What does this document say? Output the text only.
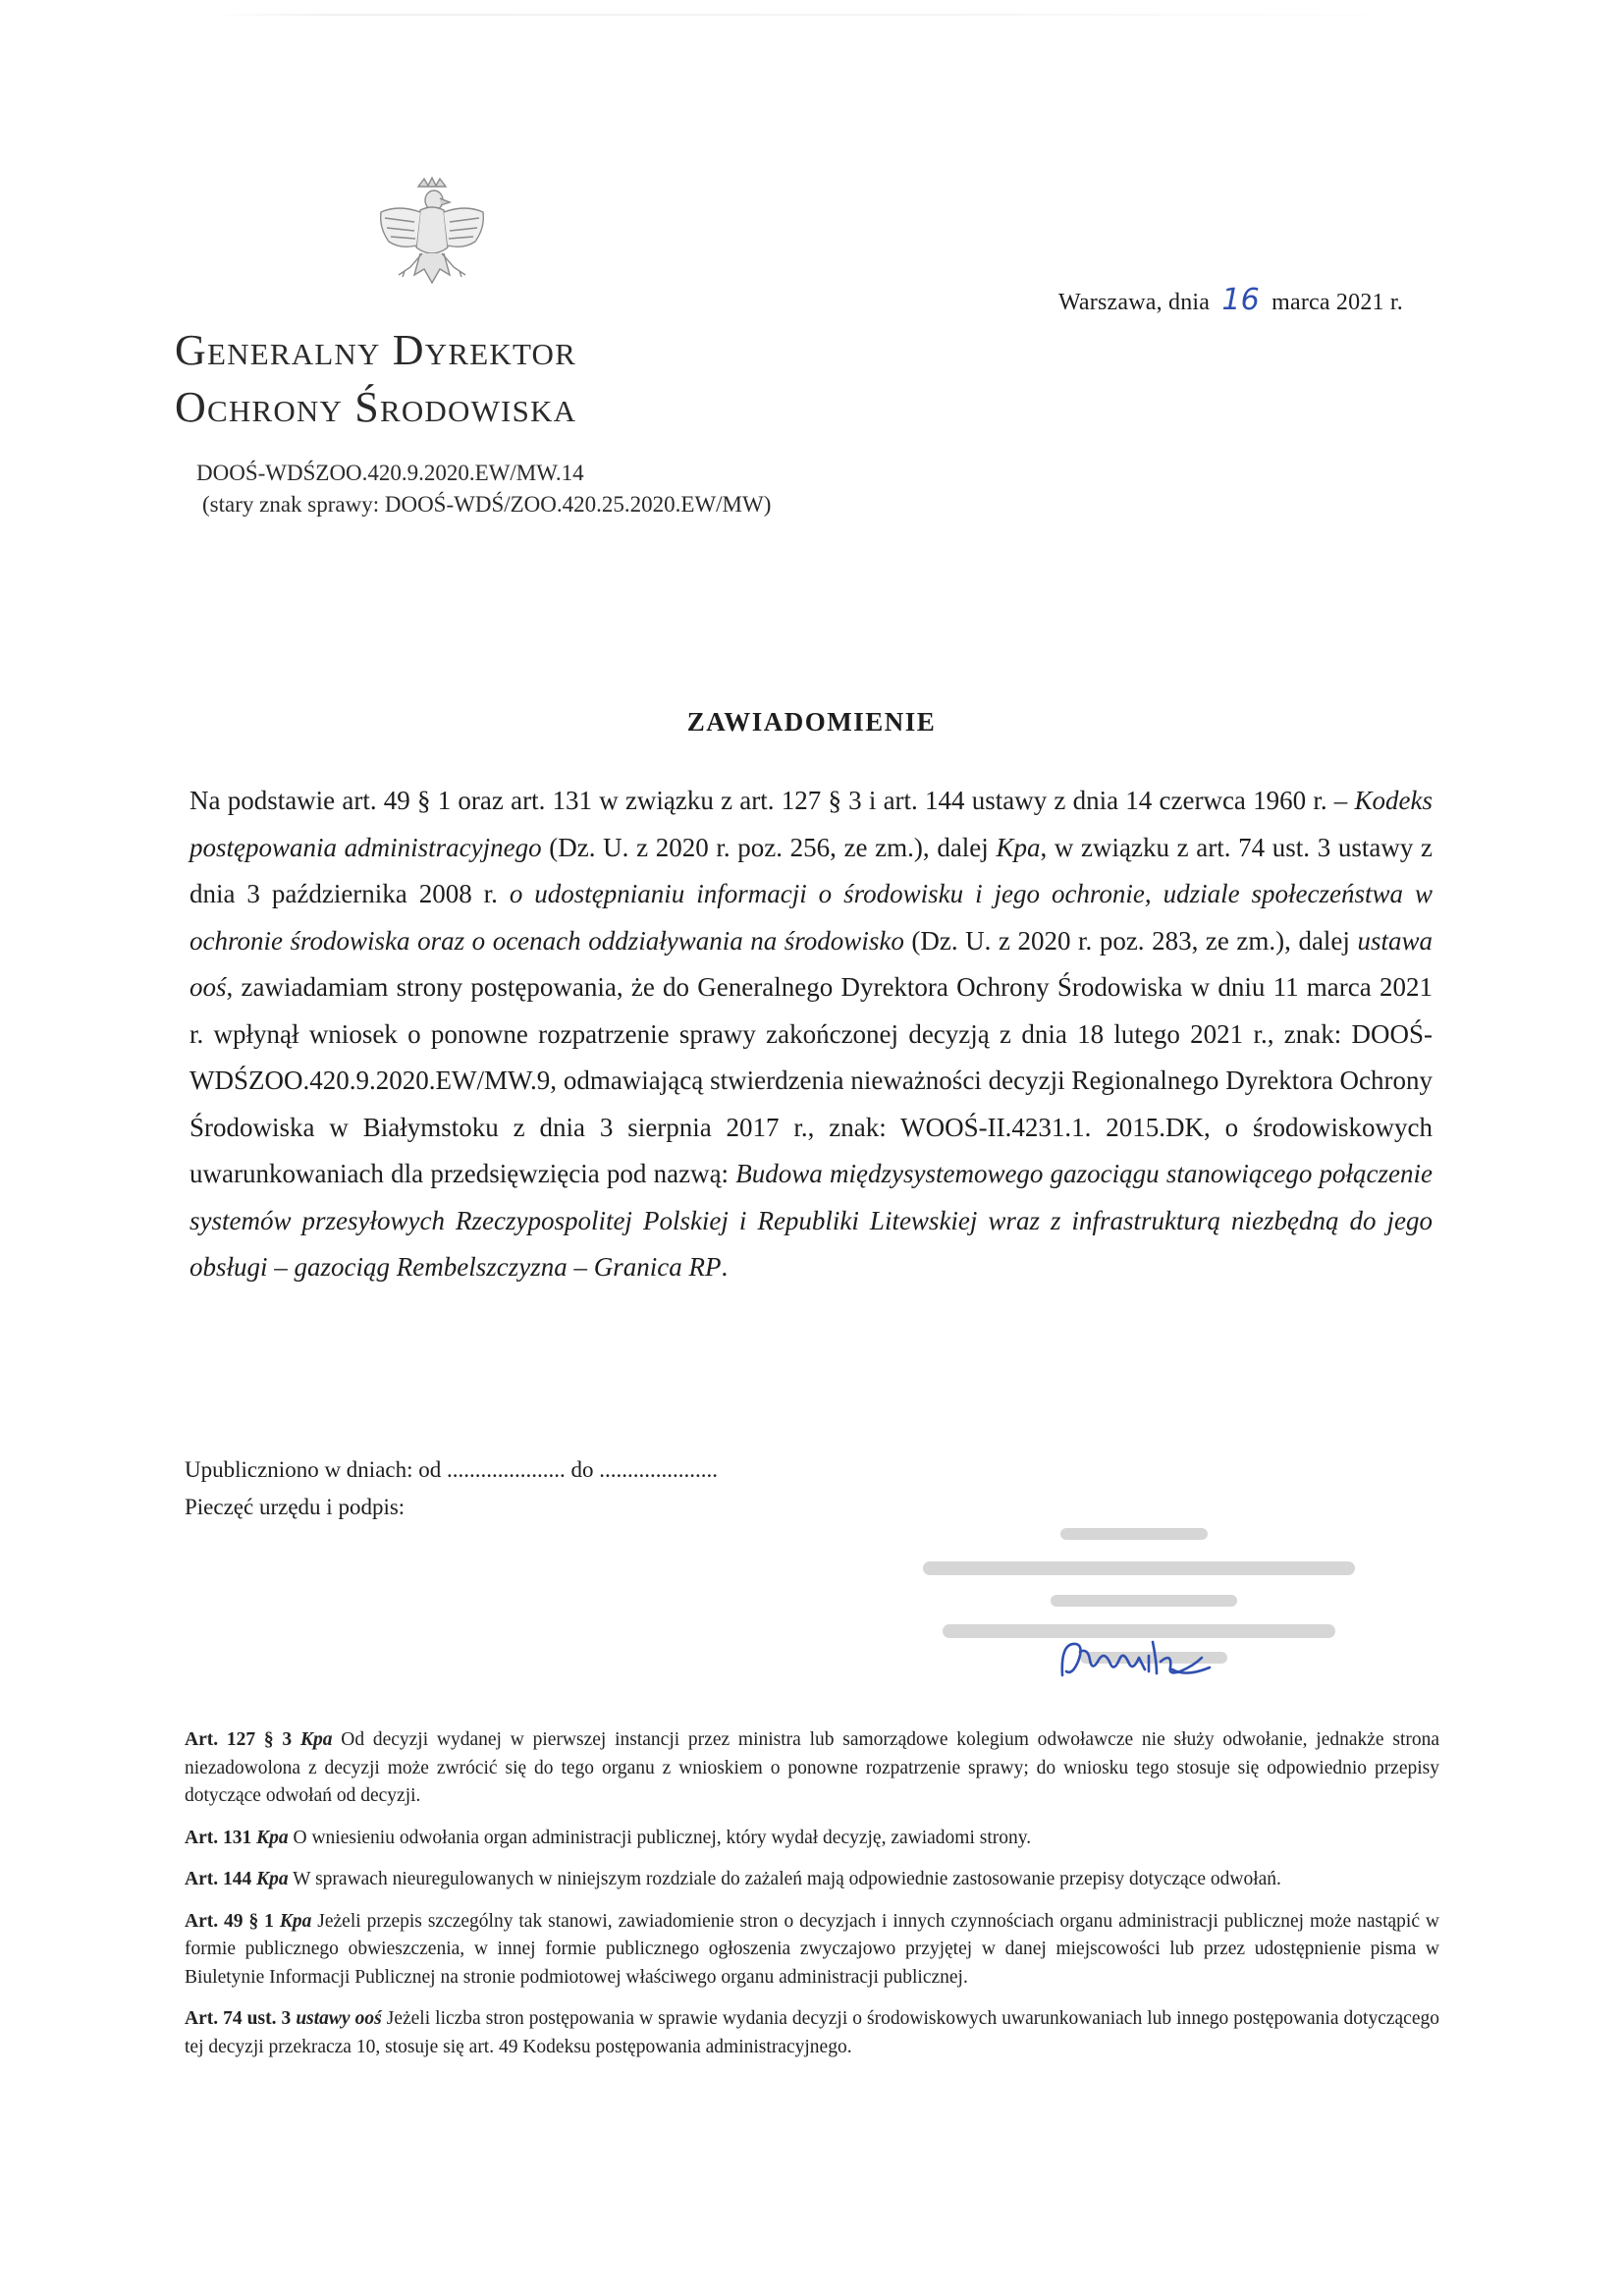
Warszawa, dnia 16 marca 2021 r.
Generalny Dyrektor
Ochrony Środowiska
DOOŚ-WDŚZOO.420.9.2020.EW/MW.14
(stary znak sprawy: DOOŚ-WDŚ/ZOO.420.25.2020.EW/MW)
ZAWIADOMIENIE

Na podstawie art. 49 § 1 oraz art. 131 w związku z art. 127 § 3 i art. 144 ustawy z dnia 14 czerwca 1960 r. – Kodeks postępowania administracyjnego (Dz. U. z 2020 r. poz. 256, ze zm.), dalej Kpa, w związku z art. 74 ust. 3 ustawy z dnia 3 października 2008 r. o udostępnianiu informacji o środowisku i jego ochronie, udziale społeczeństwa w ochronie środowiska oraz o ocenach oddziaływania na środowisko (Dz. U. z 2020 r. poz. 283, ze zm.), dalej ustawa ooś, zawiadamiam strony postępowania, że do Generalnego Dyrektora Ochrony Środowiska w dniu 11 marca 2021 r. wpłynął wniosek o ponowne rozpatrzenie sprawy zakończonej decyzją z dnia 18 lutego 2021 r., znak: DOOŚ-WDŚZOO.420.9.2020.EW/MW.9, odmawiającą stwierdzenia nieważności decyzji Regionalnego Dyrektora Ochrony Środowiska w Białymstoku z dnia 3 sierpnia 2017 r., znak: WOOŚ-II.4231.1. 2015.DK, o środowiskowych uwarunkowaniach dla przedsięwzięcia pod nazwą: Budowa międzysystemowego gazociągu stanowiącego połączenie systemów przesyłowych Rzeczypospolitej Polskiej i Republiki Litewskiej wraz z infrastrukturą niezbędną do jego obsługi – gazociąg Rembelszczyzna – Granica RP.

Upubliczniono w dniach: od ..................... do .....................
Pieczęć urzędu i podpis:
Art. 127 § 3 Kpa Od decyzji wydanej w pierwszej instancji przez ministra lub samorządowe kolegium odwoławcze nie służy odwołanie, jednakże strona niezadowolona z decyzji może zwrócić się do tego organu z wnioskiem o ponowne rozpatrzenie sprawy; do wniosku tego stosuje się odpowiednio przepisy dotyczące odwołań od decyzji.
Art. 131 Kpa O wniesieniu odwołania organ administracji publicznej, który wydał decyzję, zawiadomi strony.
Art. 144 Kpa W sprawach nieuregulowanych w niniejszym rozdziale do zażaleń mają odpowiednie zastosowanie przepisy dotyczące odwołań.
Art. 49 § 1 Kpa Jeżeli przepis szczególny tak stanowi, zawiadomienie stron o decyzjach i innych czynnościach organu administracji publicznej może nastąpić w formie publicznego obwieszczenia, w innej formie publicznego ogłoszenia zwyczajowo przyjętej w danej miejscowości lub przez udostępnienie pisma w Biuletynie Informacji Publicznej na stronie podmiotowej właściwego organu administracji publicznej.
Art. 74 ust. 3 ustawy ooś Jeżeli liczba stron postępowania w sprawie wydania decyzji o środowiskowych uwarunkowaniach lub innego postępowania dotyczącego tej decyzji przekracza 10, stosuje się art. 49 Kodeksu postępowania administracyjnego.
